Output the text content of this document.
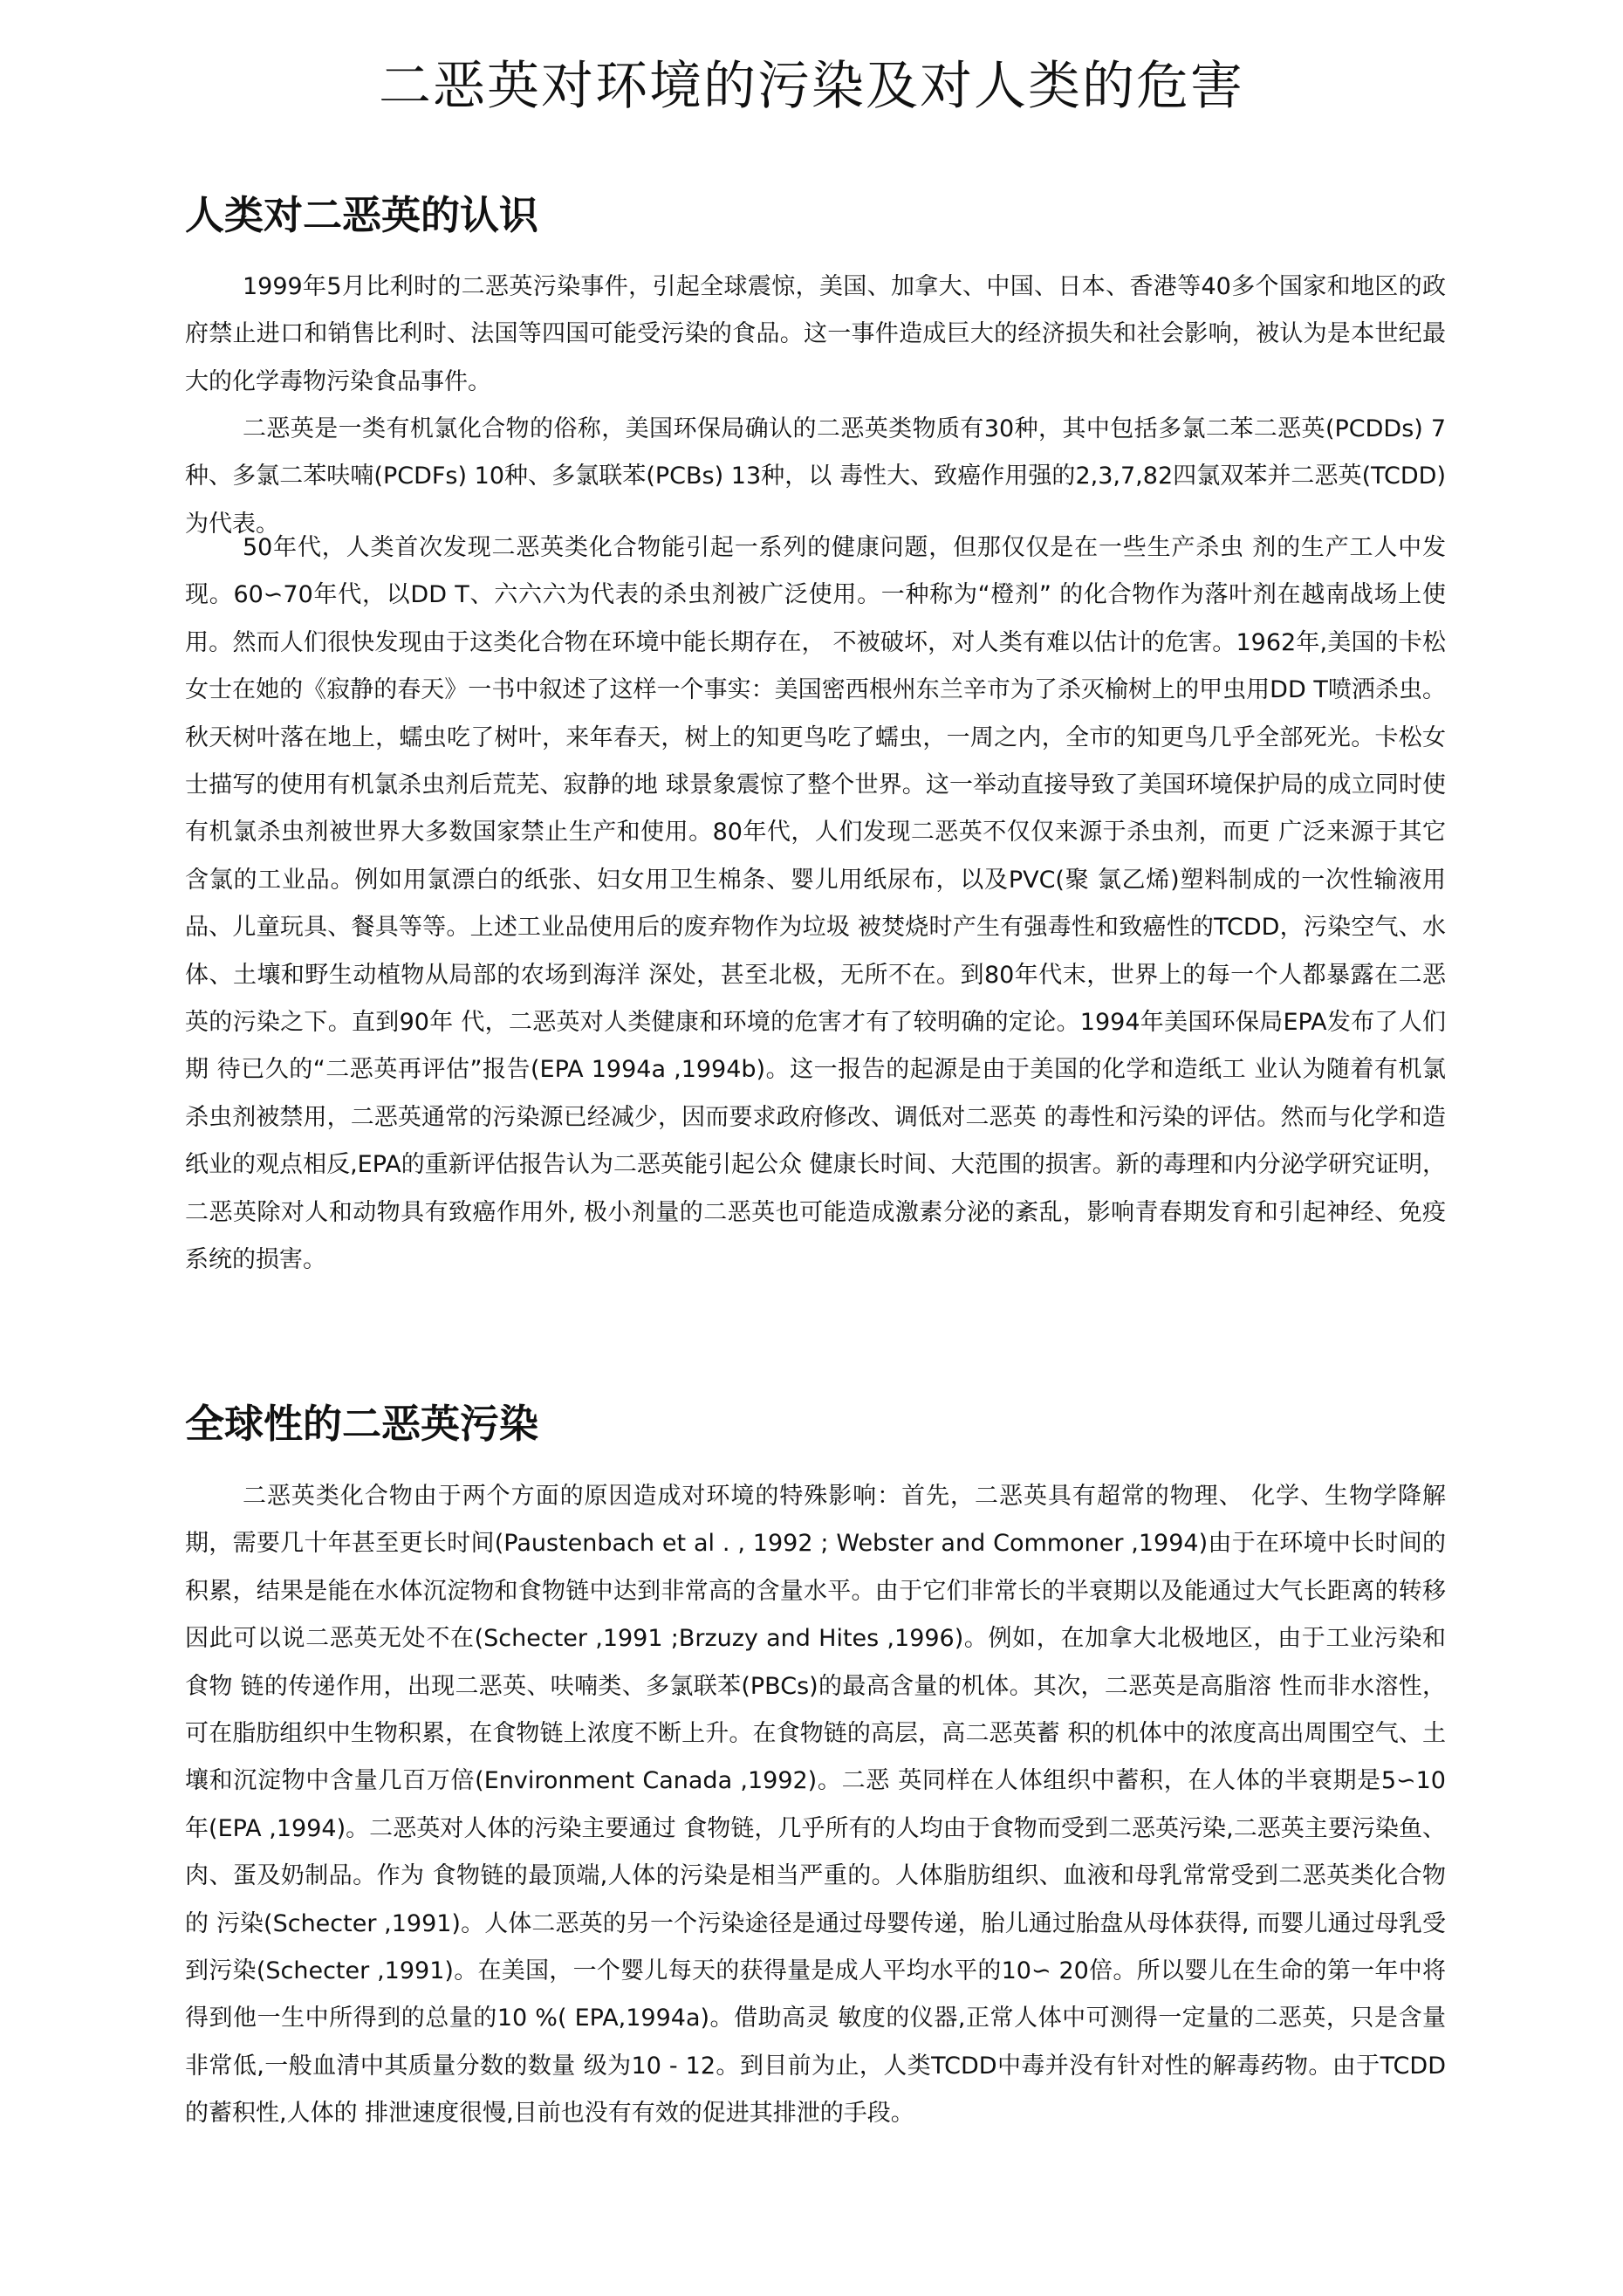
二恶英对环境的污染及对人类的危害
人类对二恶英的认识

1999年5月比利时的二恶英污染事件，引起全球震惊，美国、加拿大、中国、日本、香港等40多个国家和地区的政府禁止进口和销售比利时、法国等四国可能受污染的食品。这一事件造成巨大的经济损失和社会影响，被认为是本世纪最大的化学毒物污染食品事件。

二恶英是一类有机氯化合物的俗称，美国环保局确认的二恶英类物质有30种，其中包括多氯二苯二恶英(PCDDs) 7种、多氯二苯呋喃(PCDFs) 10种、多氯联苯(PCBs) 13种，以 毒性大、致癌作用强的2,3,7,82四氯双苯并二恶英(TCDD)为代表。

50年代，人类首次发现二恶英类化合物能引起一系列的健康问题，但那仅仅是在一些生产杀虫 剂的生产工人中发现。60∽70年代，以DD T、六六六为代表的杀虫剂被广泛使用。一种称为“橙剂” 的化合物作为落叶剂在越南战场上使用。然而人们很快发现由于这类化合物在环境中能长期存在， 不被破坏，对人类有难以估计的危害。1962年,美国的卡松女士在她的《寂静的春天》一书中叙述了这样一个事实：美国密西根州东兰辛市为了杀灭榆树上的甲虫用DD T喷洒杀虫。秋天树叶落在地上，蠕虫吃了树叶，来年春天，树上的知更鸟吃了蠕虫，一周之内，全市的知更鸟几乎全部死光。卡松女士描写的使用有机氯杀虫剂后荒芜、寂静的地 球景象震惊了整个世界。这一举动直接导致了美国环境保护局的成立同时使有机氯杀虫剂被世界大多数国家禁止生产和使用。80年代，人们发现二恶英不仅仅来源于杀虫剂，而更 广泛来源于其它含氯的工业品。例如用氯漂白的纸张、妇女用卫生棉条、婴儿用纸尿布，以及PVC(聚 氯乙烯)塑料制成的一次性输液用品、儿童玩具、餐具等等。上述工业品使用后的废弃物作为垃圾 被焚烧时产生有强毒性和致癌性的TCDD，污染空气、水体、土壤和野生动植物从局部的农场到海洋 深处，甚至北极，无所不在。到80年代末，世界上的每一个人都暴露在二恶英的污染之下。直到90年 代，二恶英对人类健康和环境的危害才有了较明确的定论。1994年美国环保局EPA发布了人们期 待已久的“二恶英再评估”报告(EPA 1994a ,1994b)。这一报告的起源是由于美国的化学和造纸工 业认为随着有机氯杀虫剂被禁用，二恶英通常的污染源已经减少，因而要求政府修改、调低对二恶英 的毒性和污染的评估。然而与化学和造纸业的观点相反,EPA的重新评估报告认为二恶英能引起公众 健康长时间、大范围的损害。新的毒理和内分泌学研究证明，二恶英除对人和动物具有致癌作用外, 极小剂量的二恶英也可能造成激素分泌的紊乱，影响青春期发育和引起神经、免疫系统的损害。

全球性的二恶英污染

二恶英类化合物由于两个方面的原因造成对环境的特殊影响：首先，二恶英具有超常的物理、 化学、生物学降解期，需要几十年甚至更长时间(Paustenbach et al . , 1992 ; Webster and Commoner ,1994)由于在环境中长时间的积累，结果是能在水体沉淀物和食物链中达到非常高的含量水平。由于它们非常长的半衰期以及能通过大气长距离的转移 因此可以说二恶英无处不在(Schecter ,1991 ;Brzuzy and Hites ,1996)。例如，在加拿大北极地区，由于工业污染和食物 链的传递作用，出现二恶英、呋喃类、多氯联苯(PBCs)的最高含量的机体。其次，二恶英是高脂溶 性而非水溶性，可在脂肪组织中生物积累，在食物链上浓度不断上升。在食物链的高层，高二恶英蓄 积的机体中的浓度高出周围空气、土壤和沉淀物中含量几百万倍(Environment Canada ,1992)。二恶 英同样在人体组织中蓄积，在人体的半衰期是5∽10年(EPA ,1994)。二恶英对人体的污染主要通过 食物链，几乎所有的人均由于食物而受到二恶英污染,二恶英主要污染鱼、肉、蛋及奶制品。作为 食物链的最顶端,人体的污染是相当严重的。人体脂肪组织、血液和母乳常常受到二恶英类化合物的 污染(Schecter ,1991)。人体二恶英的另一个污染途径是通过母婴传递，胎儿通过胎盘从母体获得, 而婴儿通过母乳受到污染(Schecter ,1991)。在美国，一个婴儿每天的获得量是成人平均水平的10∽ 20倍。所以婴儿在生命的第一年中将得到他一生中所得到的总量的10 %( EPA,1994a)。借助高灵 敏度的仪器,正常人体中可测得一定量的二恶英，只是含量非常低,一般血清中其质量分数的数量 级为10 - 12。到目前为止，人类TCDD中毒并没有针对性的解毒药物。由于TCDD的蓄积性,人体的 排泄速度很慢,目前也没有有效的促进其排泄的手段。
